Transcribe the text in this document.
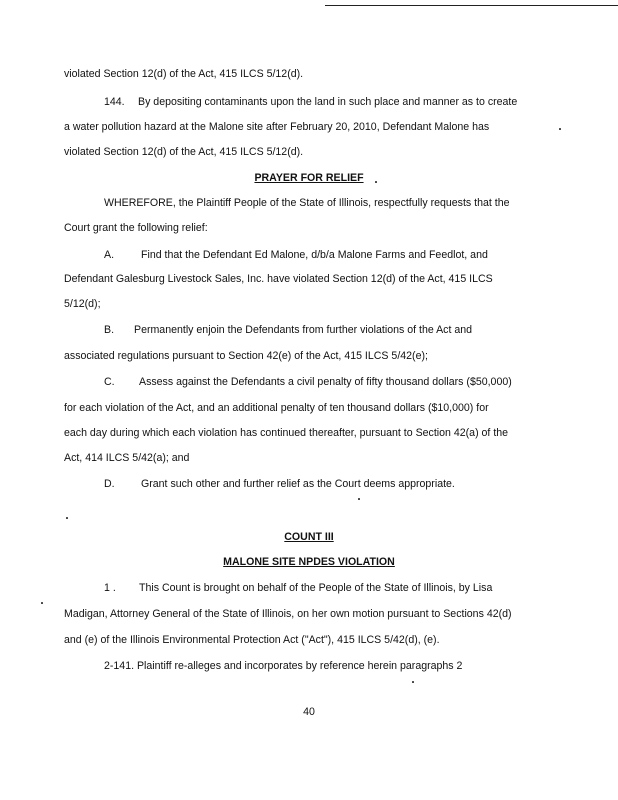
violated Section 12(d) of the Act, 415 ILCS 5/12(d).

144. By depositing contaminants upon the land in such place and manner as to create

a water pollution hazard at the Malone site after February 20, 2010, Defendant Malone has

violated Section 12(d) of the Act, 415 ILCS 5/12(d).

PRAYER FOR RELIEF

WHEREFORE, the Plaintiff People of the State of Illinois, respectfully requests that the

Court grant the following relief:

A.	Find that the Defendant Ed Malone, d/b/a Malone Farms and Feedlot, and

Defendant Galesburg Livestock Sales, Inc. have violated Section 12(d) of the Act, 415 ILCS

5/12(d);

B. Permanently enjoin the Defendants from further violations of the Act and

associated regulations pursuant to Section 42(e) of the Act, 415 ILCS 5/42(e);

C. Assess against the Defendants a civil penalty of fifty thousand dollars ($50,000)

for each violation of the Act, and an additional penalty of ten thousand dollars ($10,000) for

each day during which each violation has continued thereafter, pursuant to Section 42(a) of the

Act, 414 ILCS 5/42(a); and

D. Grant such other and further relief as the Court deems appropriate.

COUNT III

MALONE SITE NPDES VIOLATION

1 . This Count is brought on behalf of the People of the State of Illinois, by Lisa

Madigan, Attorney General of the State of Illinois, on her own motion pursuant to Sections 42(d)

and (e) of the Illinois Environmental Protection Act ("Act"), 415 ILCS 5/42(d), (e).

2-141. Plaintiff re-alleges and incorporates by reference herein paragraphs 2

40
